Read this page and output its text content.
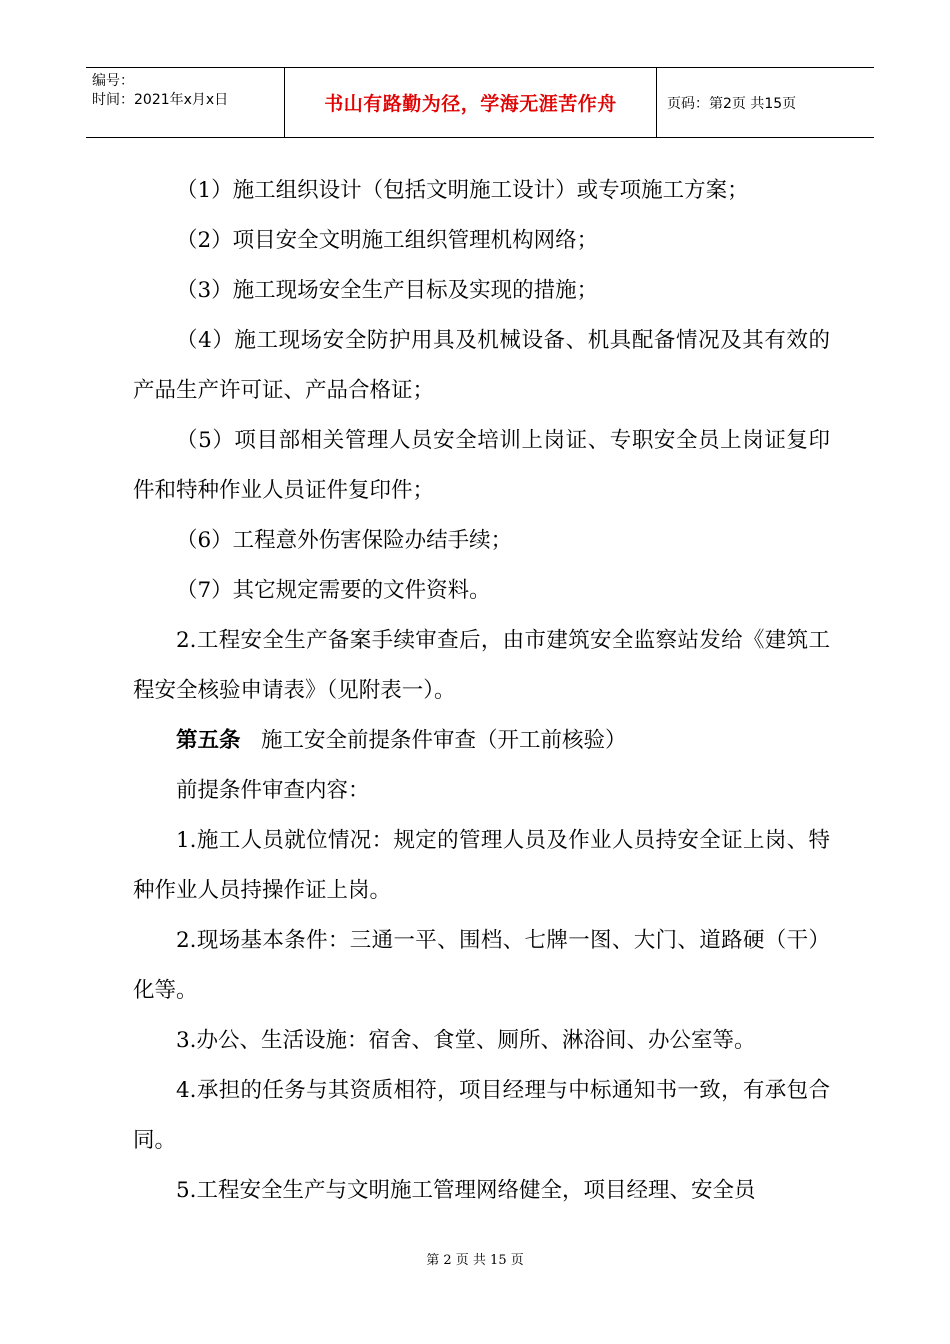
编号：
时间：2021年x月x日	书山有路勤为径，学海无涯苦作舟	页码：第2页 共15页

（1）施工组织设计（包括文明施工设计）或专项施工方案；

（2）项目安全文明施工组织管理机构网络；

（3）施工现场安全生产目标及实现的措施；

（4）施工现场安全防护用具及机械设备、机具配备情况及其有效的产品生产许可证、产品合格证；

（5）项目部相关管理人员安全培训上岗证、专职安全员上岗证复印件和特种作业人员证件复印件；

（6）工程意外伤害保险办结手续；

（7）其它规定需要的文件资料。

2.工程安全生产备案手续审查后，由市建筑安全监察站发给《建筑工程安全核验申请表》（见附表一）。

第五条 施工安全前提条件审查（开工前核验）

前提条件审查内容：

1.施工人员就位情况：规定的管理人员及作业人员持安全证上岗、特种作业人员持操作证上岗。

2.现场基本条件：三通一平、围档、七牌一图、大门、道路硬（干）化等。

3.办公、生活设施：宿舍、食堂、厕所、淋浴间、办公室等。

4.承担的任务与其资质相符，项目经理与中标通知书一致，有承包合同。

5.工程安全生产与文明施工管理网络健全，项目经理、安全员

第 2 页 共 15 页
